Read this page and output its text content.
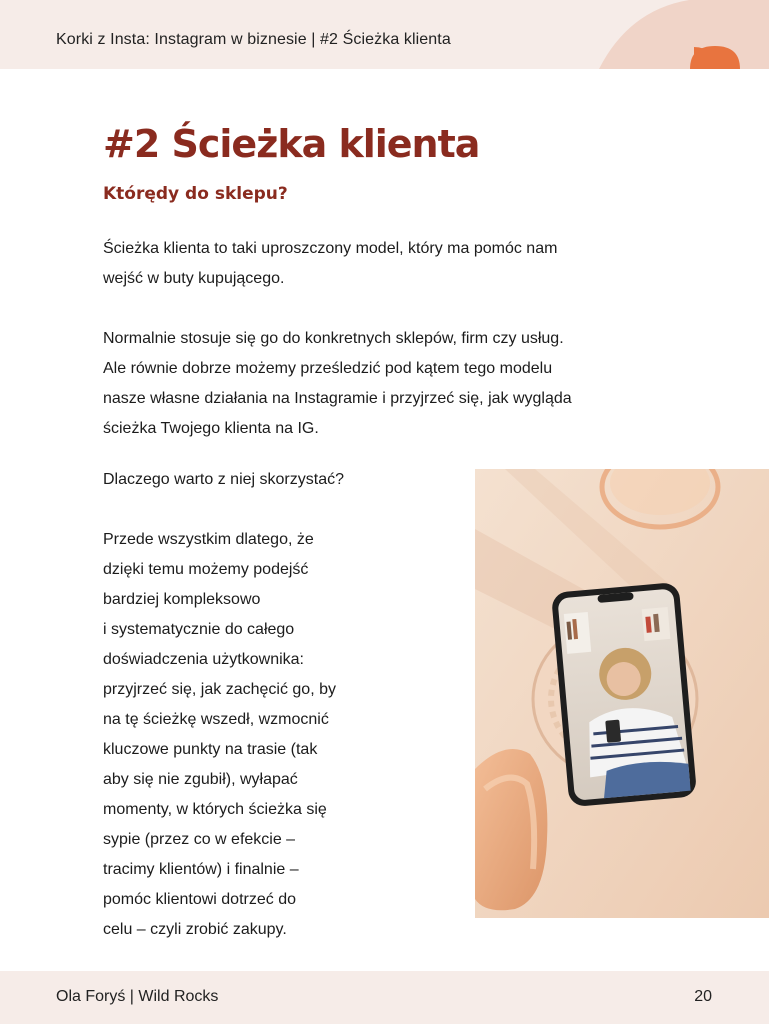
Korki z Insta: Instagram w biznesie | #2 Ścieżka klienta
#2 Ścieżka klienta
Którędy do sklepu?
Ścieżka klienta to taki uproszczony model, który ma pomóc nam
wejść w buty kupującego.
Normalnie stosuje się go do konkretnych sklepów, firm czy usług.
Ale równie dobrze możemy prześledzić pod kątem tego modelu
nasze własne działania na Instagramie i przyjrzeć się, jak wygląda
ścieżka Twojego klienta na IG.
Dlaczego warto z niej skorzystać?
Przede wszystkim dlatego, że
dzięki temu możemy podejść
bardziej kompleksowo
i systematycznie do całego
doświadczenia użytkownika:
przyjrzeć się, jak zachęcić go, by
na tę ścieżkę wszedł, wzmocnić
kluczowe punkty na trasie (tak
aby się nie zgubił), wyłapać
momenty, w których ścieżka się
sypie (przez co w efekcie –
tracimy klientów) i finalnie –
pomóc klientowi dotrzeć do
celu – czyli zrobić zakupy.
Ola Foryś | Wild Rocks	20
